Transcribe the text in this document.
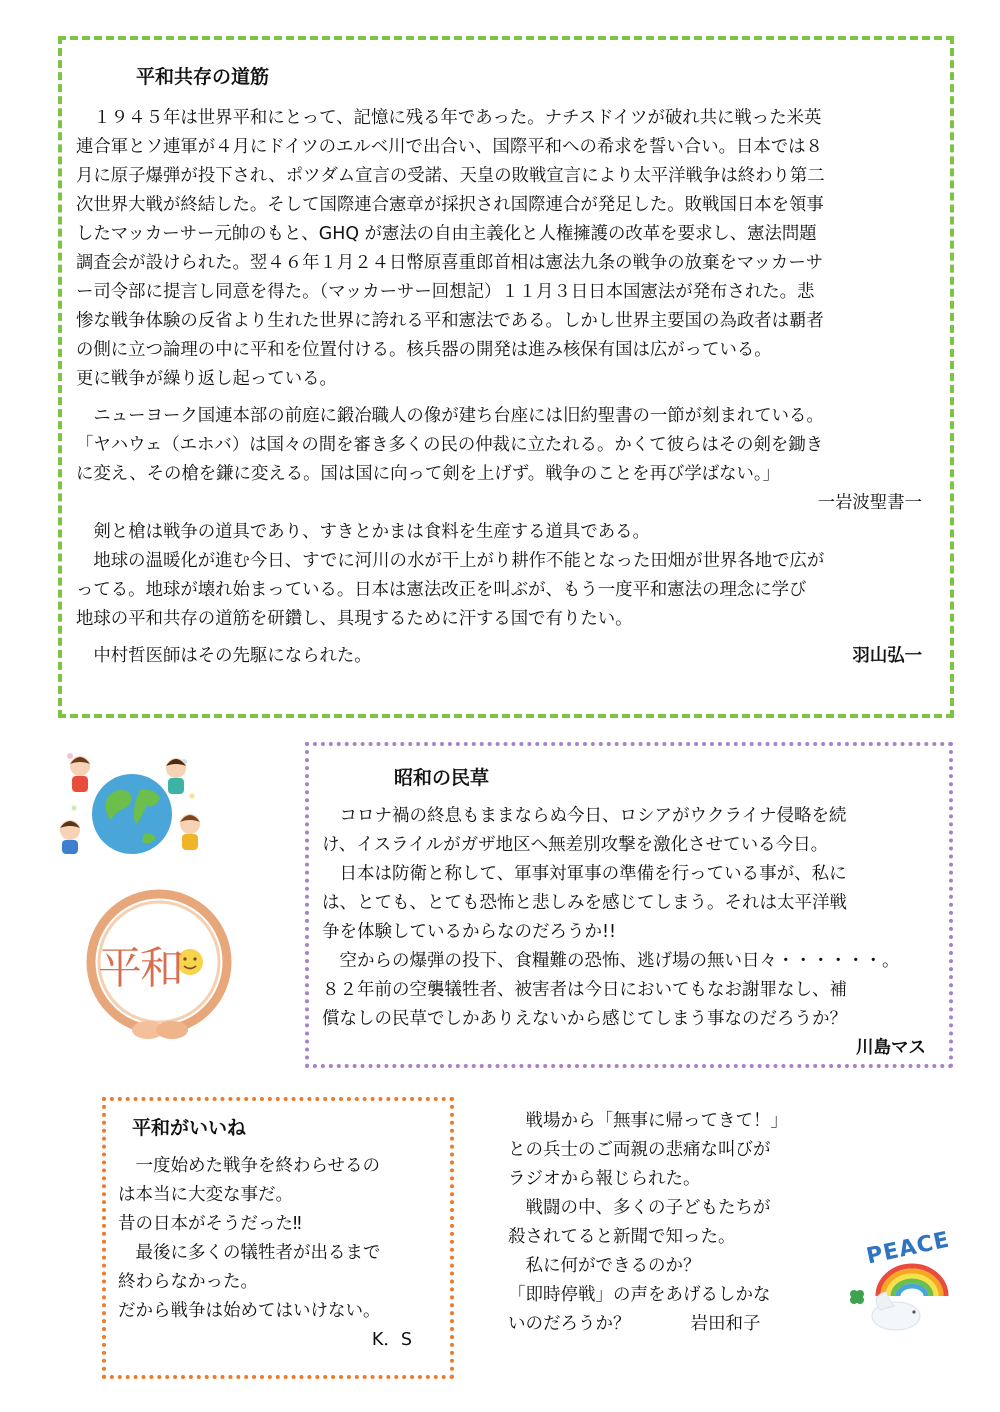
平和共存の道筋

　１９４５年は世界平和にとって、記憶に残る年であった。ナチスドイツが破れ共に戦った米英

連合軍とソ連軍が４月にドイツのエルベ川で出合い、国際平和への希求を誓い合い。日本では８

月に原子爆弾が投下され、ポツダム宣言の受諾、天皇の敗戦宣言により太平洋戦争は終わり第二

次世界大戦が終結した。そして国際連合憲章が採択され国際連合が発足した。敗戦国日本を領事

したマッカーサー元帥のもと、GHQ が憲法の自由主義化と人権擁護の改革を要求し、憲法問題

調査会が設けられた。翌４６年１月２４日幣原喜重郎首相は憲法九条の戦争の放棄をマッカーサ

ー司令部に提言し同意を得た。（マッカーサー回想記）１１月３日日本国憲法が発布された。悲

惨な戦争体験の反省より生れた世界に誇れる平和憲法である。しかし世界主要国の為政者は覇者

の側に立つ論理の中に平和を位置付ける。核兵器の開発は進み核保有国は広がっている。

更に戦争が繰り返し起っている。

　ニューヨーク国連本部の前庭に鍛冶職人の像が建ち台座には旧約聖書の一節が刻まれている。

「ヤハウェ（エホバ）は国々の間を審き多くの民の仲裁に立たれる。かくて彼らはその剣を鋤き

に変え、その槍を鎌に変える。国は国に向って剣を上げず。戦争のことを再び学ばない。」

一岩波聖書一

　剣と槍は戦争の道具であり、すきとかまは食料を生産する道具である。

　地球の温暖化が進む今日、すでに河川の水が干上がり耕作不能となった田畑が世界各地で広が

ってる。地球が壊れ始まっている。日本は憲法改正を叫ぶが、もう一度平和憲法の理念に学び

地球の平和共存の道筋を研鑽し、具現するために汗する国で有りたい。

　中村哲医師はその先駆になられた。	羽山弘一

平和
昭和の民草

　コロナ禍の終息もままならぬ今日、ロシアがウクライナ侵略を続

け、イスライルがガザ地区へ無差別攻撃を激化させている今日。

　日本は防衛と称して、軍事対軍事の準備を行っている事が、私に

は、とても、とても恐怖と悲しみを感じてしまう。それは太平洋戦

争を体験しているからなのだろうか!!

　空からの爆弾の投下、食糧難の恐怖、逃げ場の無い日々・・・・・・。

８２年前の空襲犠牲者、被害者は今日においてもなお謝罪なし、補

償なしの民草でしかありえないから感じてしまう事なのだろうか？

川島マス

平和がいいね

　一度始めた戦争を終わらせるの

は本当に大変な事だ。

昔の日本がそうだった‼

　最後に多くの犠牲者が出るまで

終わらなかった。

だから戦争は始めてはいけない。

K．S

　戦場から「無事に帰ってきて！」

との兵士のご両親の悲痛な叫びが

ラジオから報じられた。

　戦闘の中、多くの子どもたちが

殺されてると新聞で知った。

　私に何ができるのか？

「即時停戦」の声をあげるしかな

いのだろうか？	岩田和子

PEACE
